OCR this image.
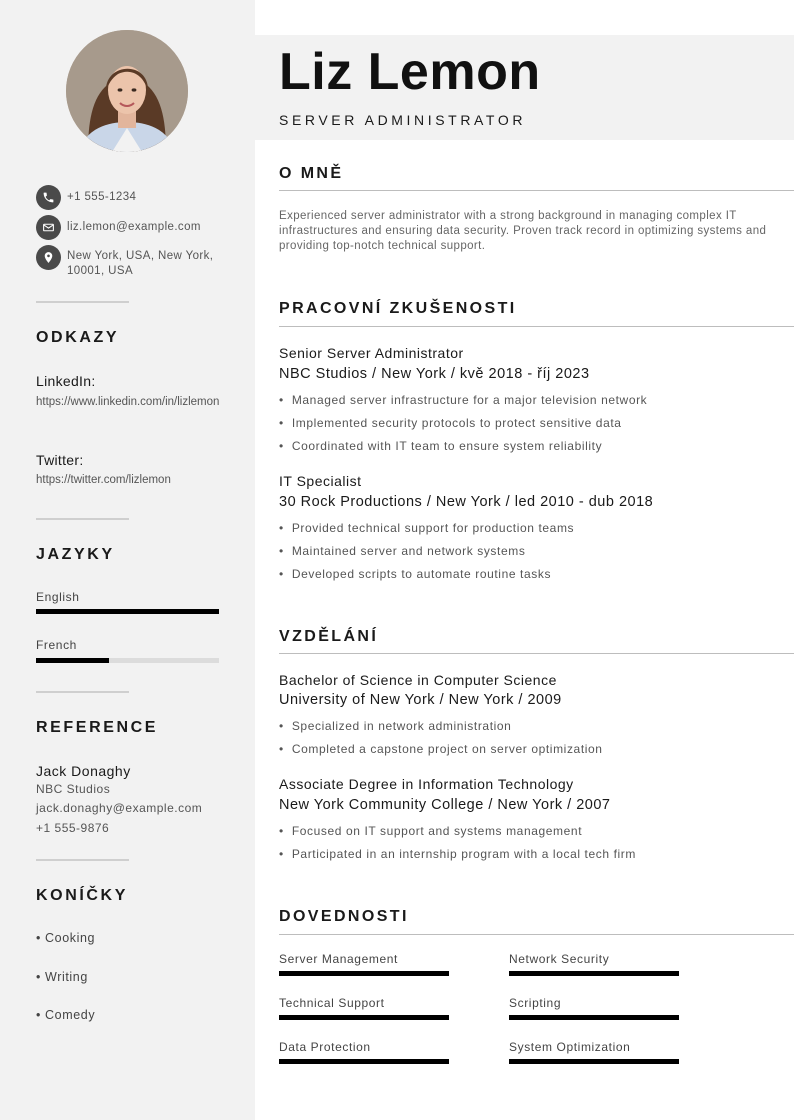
+1 555-1234
liz.lemon@example.com
New York, USA, New York, 10001, USA
ODKAZY
LinkedIn:
https://www.linkedin.com/in/lizlemon
Twitter:
https://twitter.com/lizlemon
JAZYKY
English
French
REFERENCE
Jack Donaghy
NBC Studios
jack.donaghy@example.com
+1 555-9876
KONÍČKY
• Cooking
• Writing
• Comedy
Liz Lemon
SERVER ADMINISTRATOR
O MNĚ
Experienced server administrator with a strong background in managing complex IT infrastructures and ensuring data security. Proven track record in optimizing systems and providing top-notch technical support.
PRACOVNÍ ZKUŠENOSTI
Senior Server Administrator
NBC Studios / New York / kvě 2018 - říj 2023
• Managed server infrastructure for a major television network
• Implemented security protocols to protect sensitive data
• Coordinated with IT team to ensure system reliability
IT Specialist
30 Rock Productions / New York / led 2010 - dub 2018
• Provided technical support for production teams
• Maintained server and network systems
• Developed scripts to automate routine tasks
VZDĚLÁNÍ
Bachelor of Science in Computer Science
University of New York / New York / 2009
• Specialized in network administration
• Completed a capstone project on server optimization
Associate Degree in Information Technology
New York Community College / New York / 2007
• Focused on IT support and systems management
• Participated in an internship program with a local tech firm
DOVEDNOSTI
Server Management	Network Security
Technical Support	Scripting
Data Protection	System Optimization
